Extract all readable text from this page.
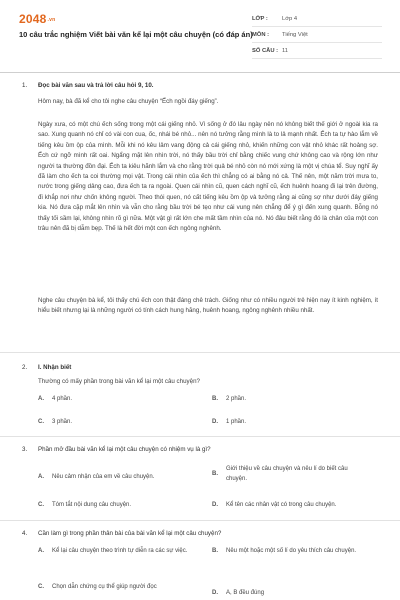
2048.vn
10 câu trắc nghiệm Viết bài văn kể lại một câu chuyện (có đáp án)
LỚP :	Lớp 4
MÔN :	Tiếng Việt
SỐ CÂU : 11
1. Đọc bài văn sau và trả lời câu hỏi 9, 10.
Hôm nay, bà đã kể cho tôi nghe câu chuyện “Ếch ngồi đáy giếng”.
Ngày xưa, có một chú ếch sống trong một cái giếng nhỏ. Vì sống ở đó lâu ngày nên nó không biết thế giới ở ngoài kia ra sao. Xung quanh nó chỉ có vài con cua, ốc, nhái bé nhỏ... nên nó tưởng rằng mình là to lả mạnh nhất. Ếch ta tự hào lắm về tiếng kêu ồm ộp của mình. Mỗi khi nó kêu lâm vang động cả cái giếng nhỏ, khiến những con vật nhỏ khác rất hoảng sợ. Ếch cứ ngỡ mình rất oai. Ngẩng mặt lên nhìn trời, nó thấy bầu trời chỉ bằng chiếc vung chứ không cao và rộng lớn như người ta thường đồn đại. Ếch ta kiêu hãnh lắm và cho rằng trời quả bé nhỏ còn nó mới xứng là một vị chúa tể. Suy nghĩ ấy đã làm cho ếch ta coi thường mọi vật. Trong cái nhìn của ếch thì chẳng có ai bằng nó cả. Thế nên, một năm trời mưa to, nước trong giếng dâng cao, đưa ếch ta ra ngoài. Quen cái nhìn cũ, quen cách nghĩ cũ, ếch huênh hoang đi lại trên đường, đi khắp nơi như chốn không người. Theo thói quen, nó cất tiếng kêu ồm ộp và tưởng rằng ai cũng sợ như dưới đáy giếng kia. Nó đưa cặp mắt lên nhìn và vẫn cho rằng bầu trời bé tẹo như cái vung nên chẳng để ý gì đến xung quanh. Bỗng nó thấy tối sầm lại, không nhìn rõ gì nữa. Một vật gì rất lớn che mất tầm nhìn của nó. Nó đâu biết rằng đó là chân của một con trâu nên đã bị dẫm bẹp. Thế là hết đời một con ếch ngông nghênh.
Nghe câu chuyện bà kể, tôi thấy chú ếch con thật đáng chê trách. Giống như có nhiều người trẻ hiện nay ít kinh nghiệm, ít hiểu biết nhưng lại là những người có tính cách hung hăng, huênh hoang, ngông nghênh nhiều nhất.
2. I. Nhận biết
Thường có mấy phần trong bài văn kể lại một câu chuyện?
A.	4 phần.	B.	2 phần.
C.	3 phần.	D.	1 phần.
3. Phần mở đầu bài văn kể lại một câu chuyện có nhiệm vụ là gì?
A.	Nêu cảm nhận của em về câu chuyện.	B.
Giới thiệu về câu chuyện và nêu lí do biết câu chuyện.
C.	Tóm tắt nội dung câu chuyện.	D.	Kể tên các nhân vật có trong câu chuyện.
4. Cần làm gì trong phần thân bài của bài văn kể lại một câu chuyện?
A.	Kể lại câu chuyện theo trình tự diễn ra các sự việc.	B.	Nêu một hoặc một số lí do yêu thích câu chuyện.
C.	Chọn dẫn chứng cụ thể giúp người đọc
D.	A, B đều đúng
